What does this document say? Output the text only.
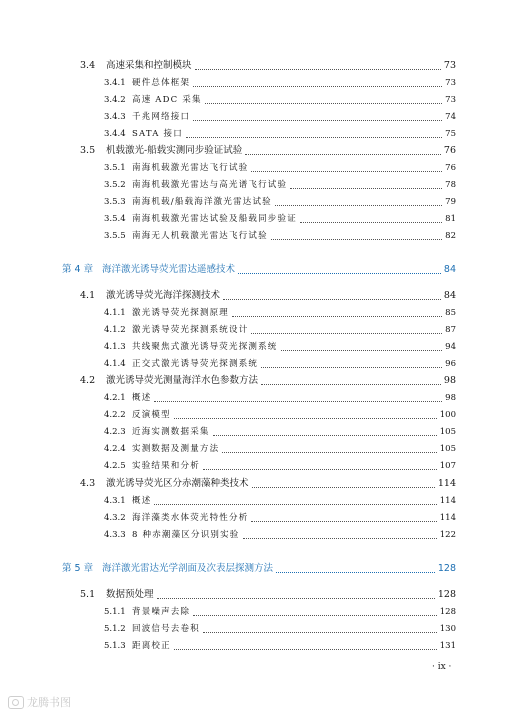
3.4	高速采集和控制模块	73
3.4.1 硬件总体框架	73
3.4.2 高速 ADC 采集	73
3.4.3 千兆网络接口	74
3.4.4 SATA 接口	75
3.5	机载激光-船载实测同步验证试验	76
3.5.1 南海机载激光雷达飞行试验	76
3.5.2 南海机载激光雷达与高光谱飞行试验	78
3.5.3 南海机载/船载海洋激光雷达试验	79
3.5.4 南海机载激光雷达试验及船载同步验证	81
3.5.5 南海无人机载激光雷达飞行试验	82
第 4 章 海洋激光诱导荧光雷达遥感技术	84
4.1	激光诱导荧光海洋探测技术	84
4.1.1 激光诱导荧光探测原理	85
4.1.2 激光诱导荧光探测系统设计	87
4.1.3 共线聚焦式激光诱导荧光探测系统	94
4.1.4 正交式激光诱导荧光探测系统	96
4.2	激光诱导荧光测量海洋水色参数方法	98
4.2.1 概述	98
4.2.2 反演模型	100
4.2.3 近海实测数据采集	105
4.2.4 实测数据及测量方法	105
4.2.5 实验结果和分析	107
4.3	激光诱导荧光区分赤潮藻种类技术	114
4.3.1 概述	114
4.3.2 海洋藻类水体荧光特性分析	114
4.3.3 8 种赤潮藻区分识别实验	122
第 5 章 海洋激光雷达光学剖面及次表层探测方法	128
5.1	数据预处理	128
5.1.1 背景噪声去除	128
5.1.2 回波信号去卷积	130
5.1.3 距离校正	131
· ix ·
龙腾书图
